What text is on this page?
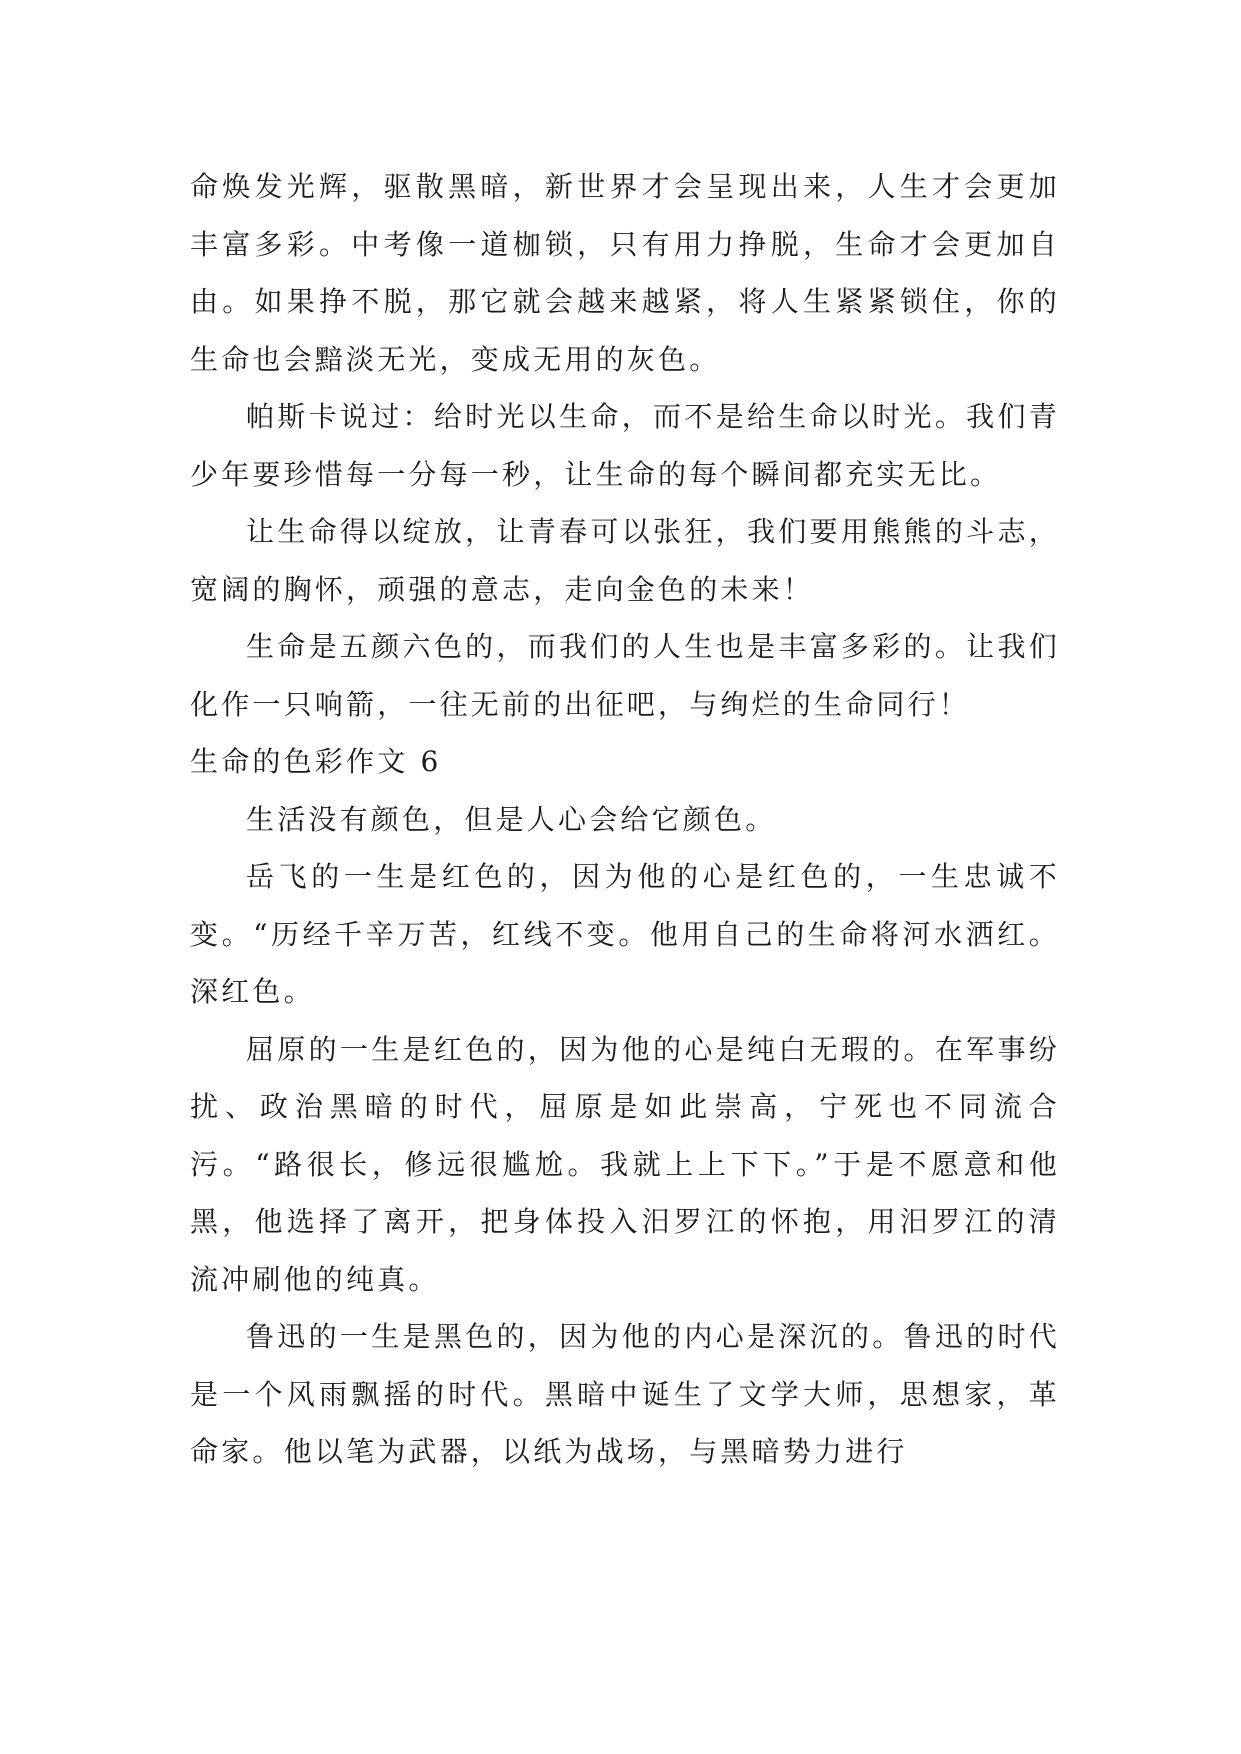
命焕发光辉，驱散黑暗，新世界才会呈现出来，人生才会更加丰富多彩。中考像一道枷锁，只有用力挣脱，生命才会更加自由。如果挣不脱，那它就会越来越紧，将人生紧紧锁住，你的生命也会黯淡无光，变成无用的灰色。

帕斯卡说过：给时光以生命，而不是给生命以时光。我们青少年要珍惜每一分每一秒，让生命的每个瞬间都充实无比。

让生命得以绽放，让青春可以张狂，我们要用熊熊的斗志，宽阔的胸怀，顽强的意志，走向金色的未来！

生命是五颜六色的，而我们的人生也是丰富多彩的。让我们化作一只响箭，一往无前的出征吧，与绚烂的生命同行！

生命的色彩作文 6

生活没有颜色，但是人心会给它颜色。

岳飞的一生是红色的，因为他的心是红色的，一生忠诚不变。“历经千辛万苦，红线不变。他用自己的生命将河水洒红。深红色。

屈原的一生是红色的，因为他的心是纯白无瑕的。在军事纷扰、政治黑暗的时代，屈原是如此崇高，宁死也不同流合污。“路很长，修远很尴尬。我就上上下下。”于是不愿意和他黑，他选择了离开，把身体投入汨罗江的怀抱，用汨罗江的清流冲刷他的纯真。

鲁迅的一生是黑色的，因为他的内心是深沉的。鲁迅的时代是一个风雨飘摇的时代。黑暗中诞生了文学大师，思想家，革命家。他以笔为武器，以纸为战场，与黑暗势力进行
